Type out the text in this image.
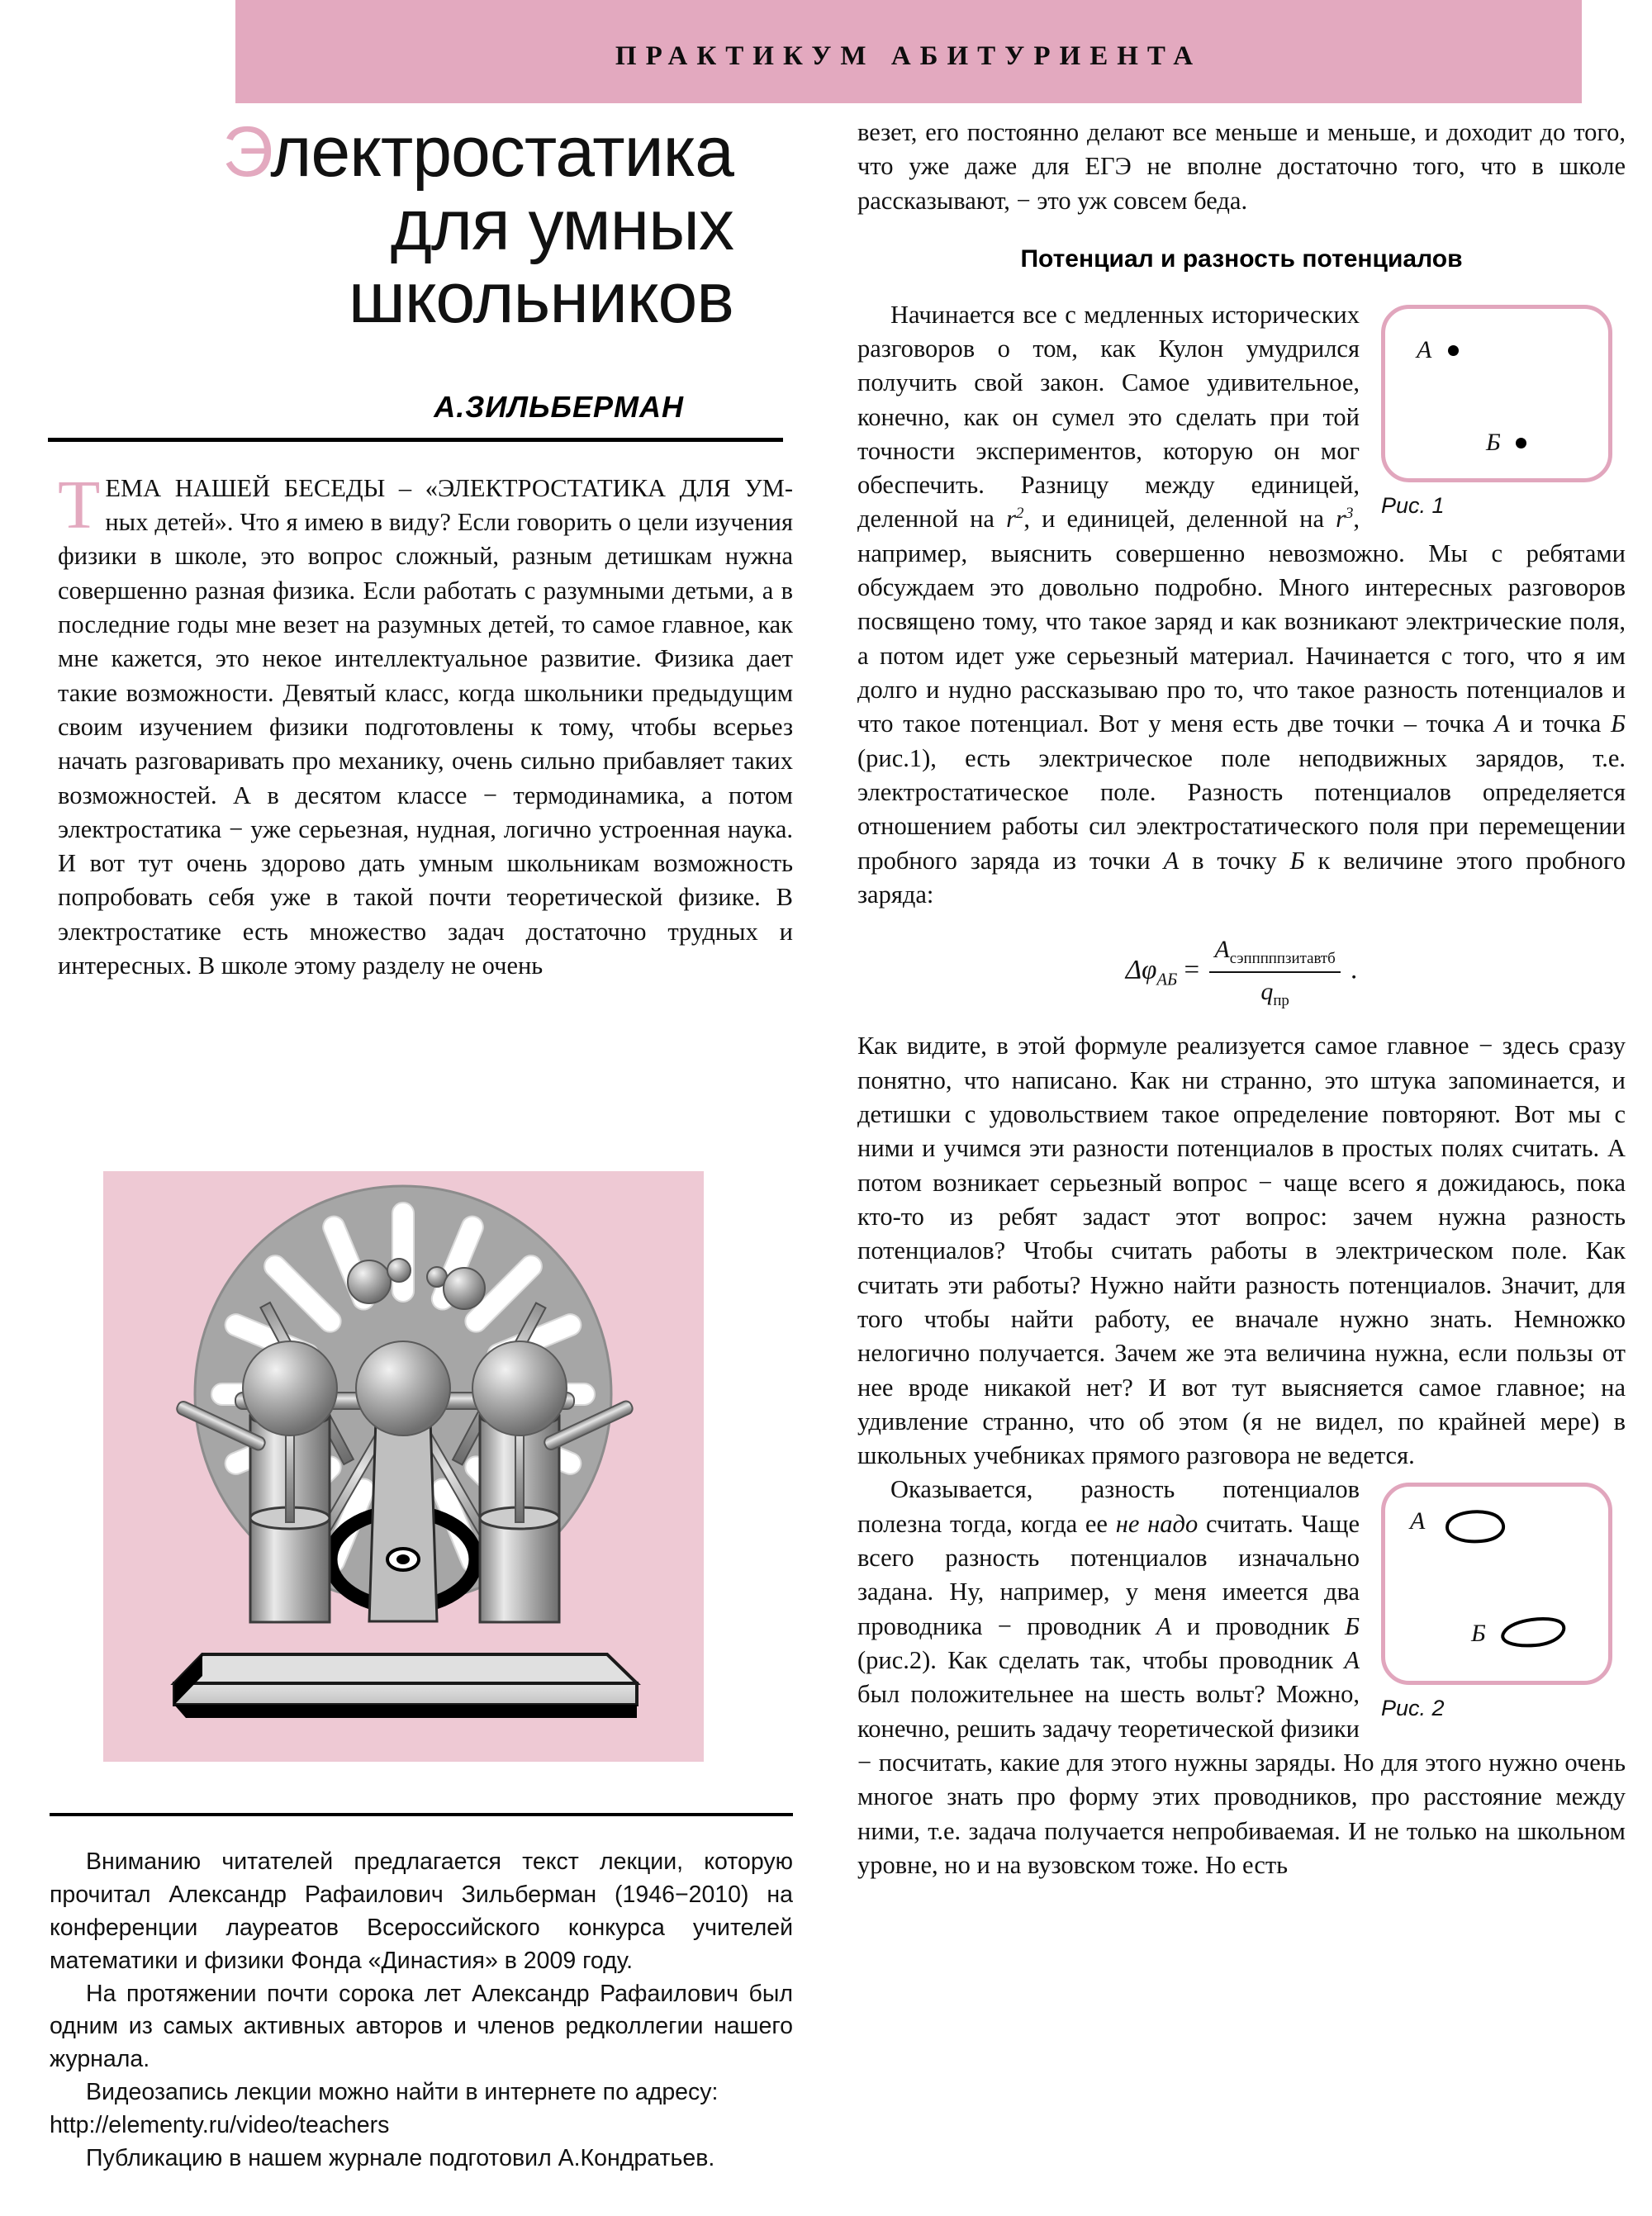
ПРАКТИКУМ АБИТУРИЕНТА
Электростатика
для умных
школьников
А.ЗИЛЬБЕРМАН
ТЕМА НАШЕЙ БЕСЕДЫ – «ЭЛЕКТРОСТАТИКА ДЛЯ УМ- ных детей». Что я имею в виду? Если говорить о цели изучения физики в школе, это вопрос сложный, разным детишкам нужна совершенно разная физика. Если работать с разумными детьми, а в последние годы мне везет на разумных детей, то самое главное, как мне кажется, это некое интеллектуальное развитие. Физика дает такие возможности. Девятый класс, когда школьники предыдущим своим изучением физики подготовлены к тому, чтобы всерьез начать разговаривать про механику, очень сильно прибавляет таких возможностей. А в десятом классе − термодинамика, а потом электростатика − уже серьезная, нудная, логично устроенная наука. И вот тут очень здорово дать умным школьникам возможность попробовать себя уже в такой почти теоретической физике. В электростатике есть множество задач достаточно трудных и интересных. В школе этому разделу не очень

Вниманию читателей предлагается текст лекции, которую прочитал Александр Рафаилович Зильберман (1946−2010) на конференции лауреатов Всероссийского конкурса учителей математики и физики Фонда «Династия» в 2009 году.

На протяжении почти сорока лет Александр Рафаилович был одним из самых активных авторов и членов редколлегии нашего журнала.

Видеозапись лекции можно найти в интернете по адресу:

http://elementy.ru/video/teachers

Публикацию в нашем журнале подготовил А.Кондратьев.

везет, его постоянно делают все меньше и меньше, и доходит до того, что уже даже для ЕГЭ не вполне достаточно того, что в школе рассказывают, − это уж совсем беда.

Потенциал и разность потенциалов

А
Б
Рис. 1

Начинается все с медленных исторических разговоров о том, как Кулон умудрился получить свой закон. Самое удивительное, конечно, как он сумел это сделать при той точности экспериментов, которую он мог обеспечить. Разницу между единицей, деленной на $r^2$, и единицей, деленной на $r^3$, например, выяснить совершенно невозможно. Мы с ребятами обсуждаем это довольно подробно. Много интересных разговоров посвящено тому, что такое заряд и как возникают электрические поля, а потом идет уже серьезный материал. Начинается с того, что я им долго и нудно рассказываю про то, что такое разность потенциалов и что такое потенциал. Вот у меня есть две точки – точка А и точка Б (рис.1), есть электрическое поле неподвижных зарядов, т.е. электростатическое поле. Разность потенциалов определяется отношением работы сил электростатического поля при перемещении пробного заряда из точки А в точку Б к величине этого пробного заряда:

$\Delta\varphi_{АБ} = \frac{A_{сэпппппзитавтб}}{q_{пр}}$ .

Как видите, в этой формуле реализуется самое главное − здесь сразу понятно, что написано. Как ни странно, это штука запоминается, и детишки с удовольствием такое определение повторяют. Вот мы с ними и учимся эти разности потенциалов в простых полях считать. А потом возникает серьезный вопрос − чаще всего я дожидаюсь, пока кто-то из ребят задаст этот вопрос: зачем нужна разность потенциалов? Чтобы считать работы в электрическом поле. Как считать эти работы? Нужно найти разность потенциалов. Значит, для того чтобы найти работу, ее вначале нужно знать. Немножко нелогично получается. Зачем же эта величина нужна, если пользы от нее вроде никакой нет? И вот тут выясняется самое главное; на удивление странно, что об этом (я не видел, по крайней мере) в школьных учебниках прямого разговора не ведется.

А
Б
Рис. 2

Оказывается, разность потенциалов полезна тогда, когда ее не надо считать. Чаще всего разность потенциалов изначально задана. Ну, например, у меня имеется два проводника − проводник А и проводник Б (рис.2). Как сделать так, чтобы проводник А был положительнее на шесть вольт? Можно, конечно, решить задачу теоретической физики − посчитать, какие для этого нужны заряды. Но для этого нужно очень многое знать про форму этих проводников, про расстояние между ними, т.е. задача получается непробиваемая. И не только на школьном уровне, но и на вузовском тоже. Но есть
